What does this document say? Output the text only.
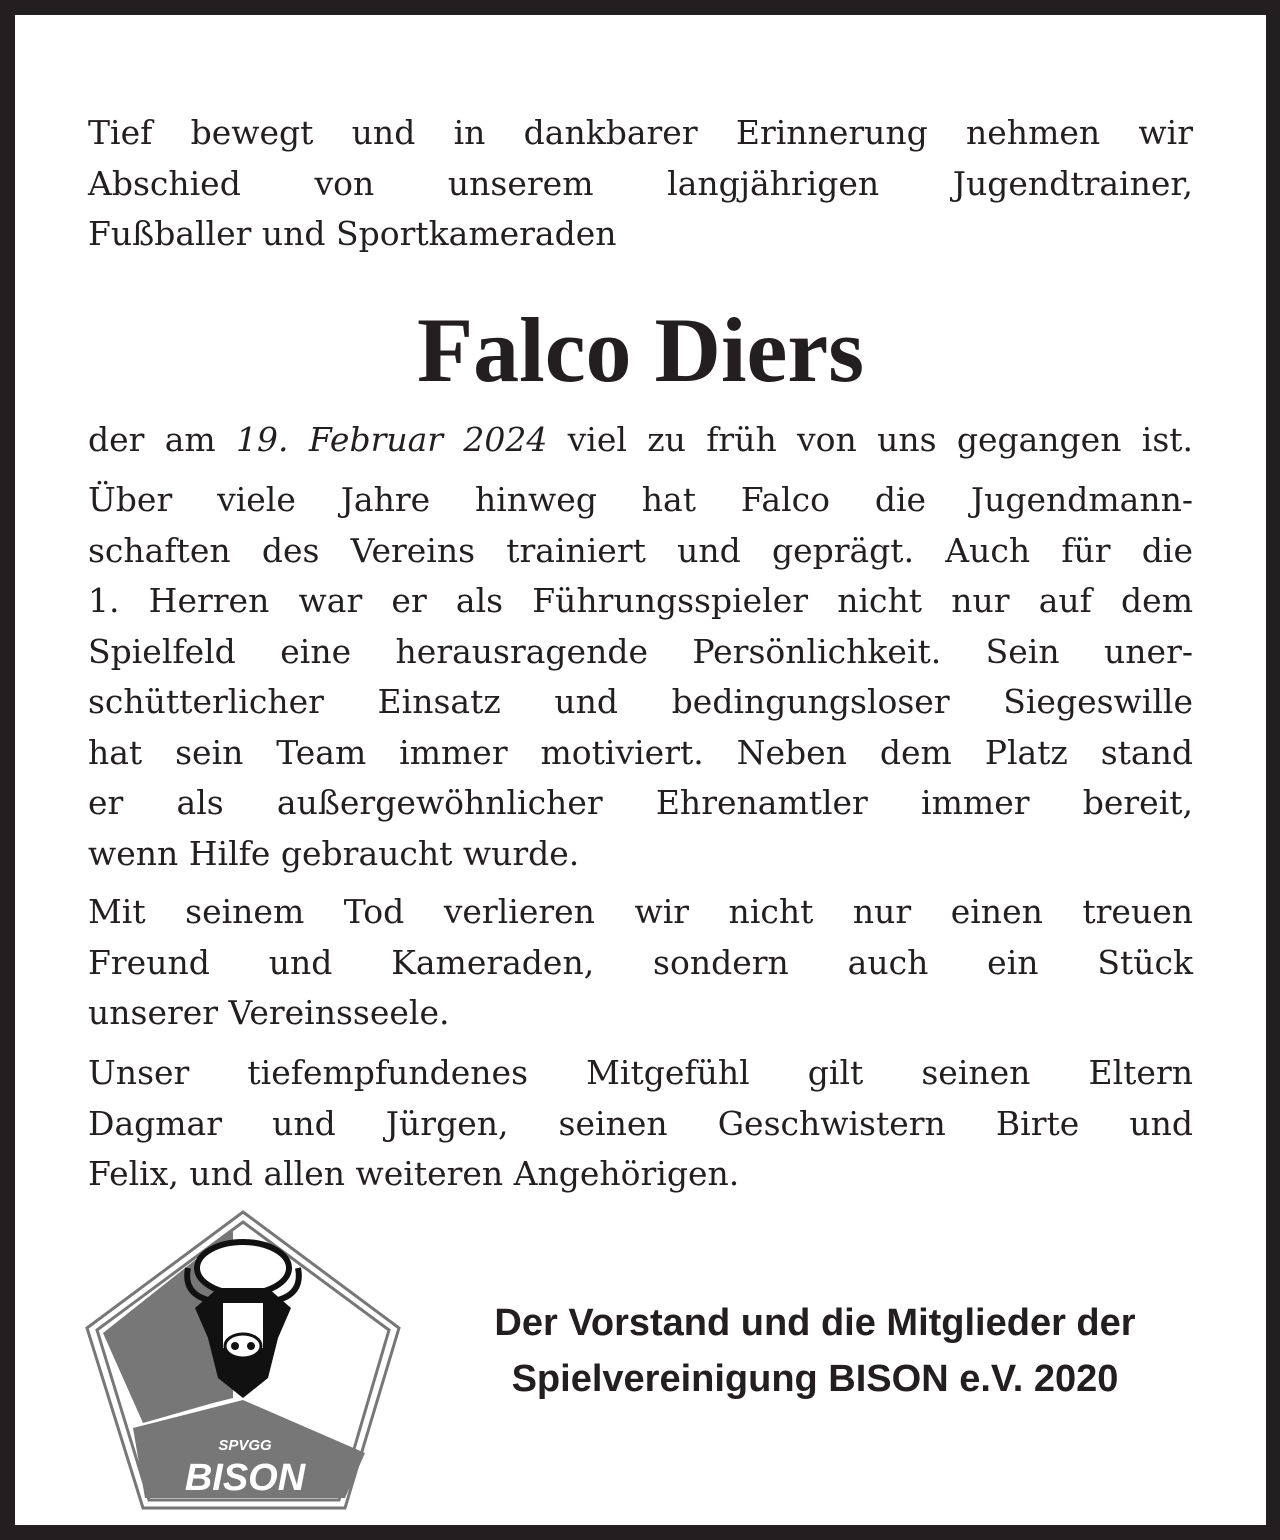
Tief bewegt und in dankbarer Erinnerung nehmen wir
Abschied von unserem langjährigen Jugendtrainer,
Fußballer und Sportkameraden
Falco Diers
der am 19. Februar 2024 viel zu früh von uns gegangen ist.
Über viele Jahre hinweg hat Falco die Jugendmann-
schaften des Vereins trainiert und geprägt. Auch für die
1. Herren war er als Führungsspieler nicht nur auf dem
Spielfeld eine herausragende Persönlichkeit. Sein uner-
schütterlicher Einsatz und bedingungsloser Siegeswille
hat sein Team immer motiviert. Neben dem Platz stand
er als außergewöhnlicher Ehrenamtler immer bereit,
wenn Hilfe gebraucht wurde.
Mit seinem Tod verlieren wir nicht nur einen treuen
Freund und Kameraden, sondern auch ein Stück
unserer Vereinsseele.
Unser tiefempfundenes Mitgefühl gilt seinen Eltern
Dagmar und Jürgen, seinen Geschwistern Birte und
Felix, und allen weiteren Angehörigen.
SPVGG
BISON
Der Vorstand und die Mitglieder der
Spielvereinigung BISON e.V. 2020
